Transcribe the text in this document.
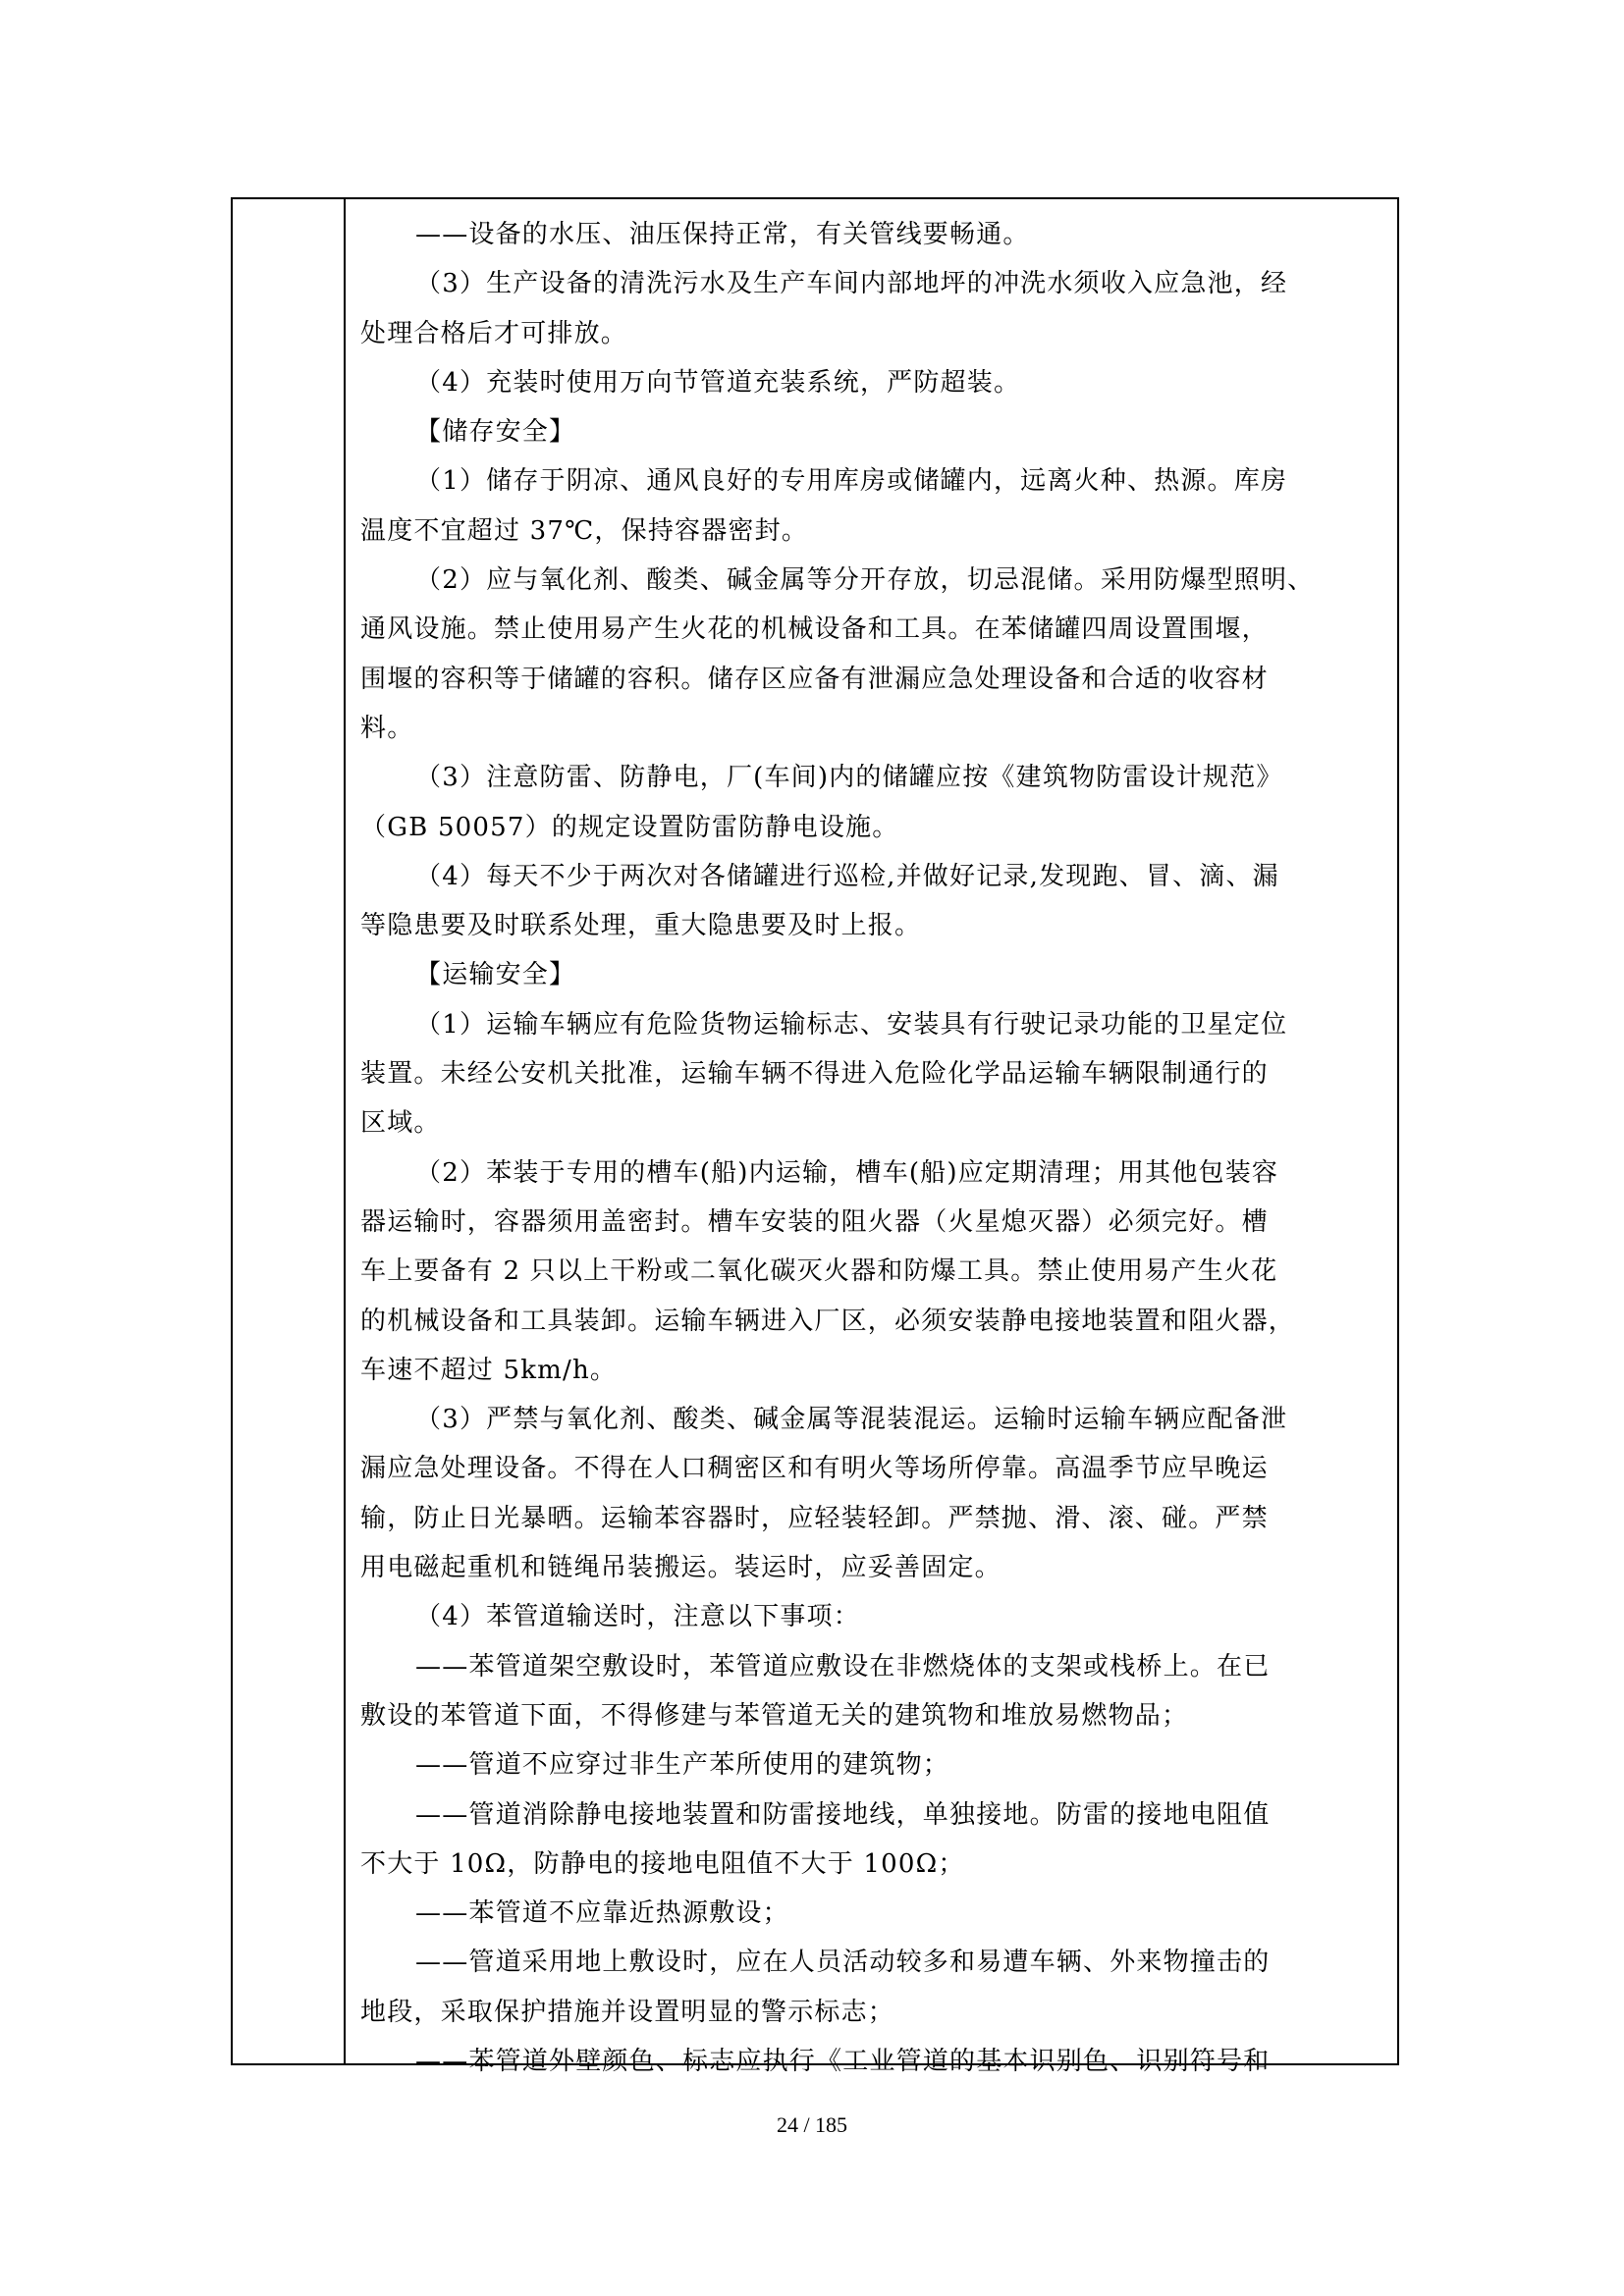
——设备的水压、油压保持正常，有关管线要畅通。
（3）生产设备的清洗污水及生产车间内部地坪的冲洗水须收入应急池，经
处理合格后才可排放。
（4）充装时使用万向节管道充装系统，严防超装。
【储存安全】
（1）储存于阴凉、通风良好的专用库房或储罐内，远离火种、热源。库房
温度不宜超过 37℃，保持容器密封。
（2）应与氧化剂、酸类、碱金属等分开存放，切忌混储。采用防爆型照明、
通风设施。禁止使用易产生火花的机械设备和工具。在苯储罐四周设置围堰，
围堰的容积等于储罐的容积。储存区应备有泄漏应急处理设备和合适的收容材
料。
（3）注意防雷、防静电，厂(车间)内的储罐应按《建筑物防雷设计规范》
（GB 50057）的规定设置防雷防静电设施。
（4）每天不少于两次对各储罐进行巡检,并做好记录,发现跑、冒、滴、漏
等隐患要及时联系处理，重大隐患要及时上报。
【运输安全】
（1）运输车辆应有危险货物运输标志、安装具有行驶记录功能的卫星定位
装置。未经公安机关批准，运输车辆不得进入危险化学品运输车辆限制通行的
区域。
（2）苯装于专用的槽车(船)内运输，槽车(船)应定期清理；用其他包装容
器运输时，容器须用盖密封。槽车安装的阻火器（火星熄灭器）必须完好。槽
车上要备有 2 只以上干粉或二氧化碳灭火器和防爆工具。禁止使用易产生火花
的机械设备和工具装卸。运输车辆进入厂区，必须安装静电接地装置和阻火器，
车速不超过 5km/h。
（3）严禁与氧化剂、酸类、碱金属等混装混运。运输时运输车辆应配备泄
漏应急处理设备。不得在人口稠密区和有明火等场所停靠。高温季节应早晚运
输，防止日光暴晒。运输苯容器时，应轻装轻卸。严禁抛、滑、滚、碰。严禁
用电磁起重机和链绳吊装搬运。装运时，应妥善固定。
（4）苯管道输送时，注意以下事项：
——苯管道架空敷设时，苯管道应敷设在非燃烧体的支架或栈桥上。在已
敷设的苯管道下面，不得修建与苯管道无关的建筑物和堆放易燃物品；
——管道不应穿过非生产苯所使用的建筑物；
——管道消除静电接地装置和防雷接地线，单独接地。防雷的接地电阻值
不大于 10Ω，防静电的接地电阻值不大于 100Ω；
——苯管道不应靠近热源敷设；
——管道采用地上敷设时，应在人员活动较多和易遭车辆、外来物撞击的
地段，采取保护措施并设置明显的警示标志；
——苯管道外壁颜色、标志应执行《工业管道的基本识别色、识别符号和
24 / 185
